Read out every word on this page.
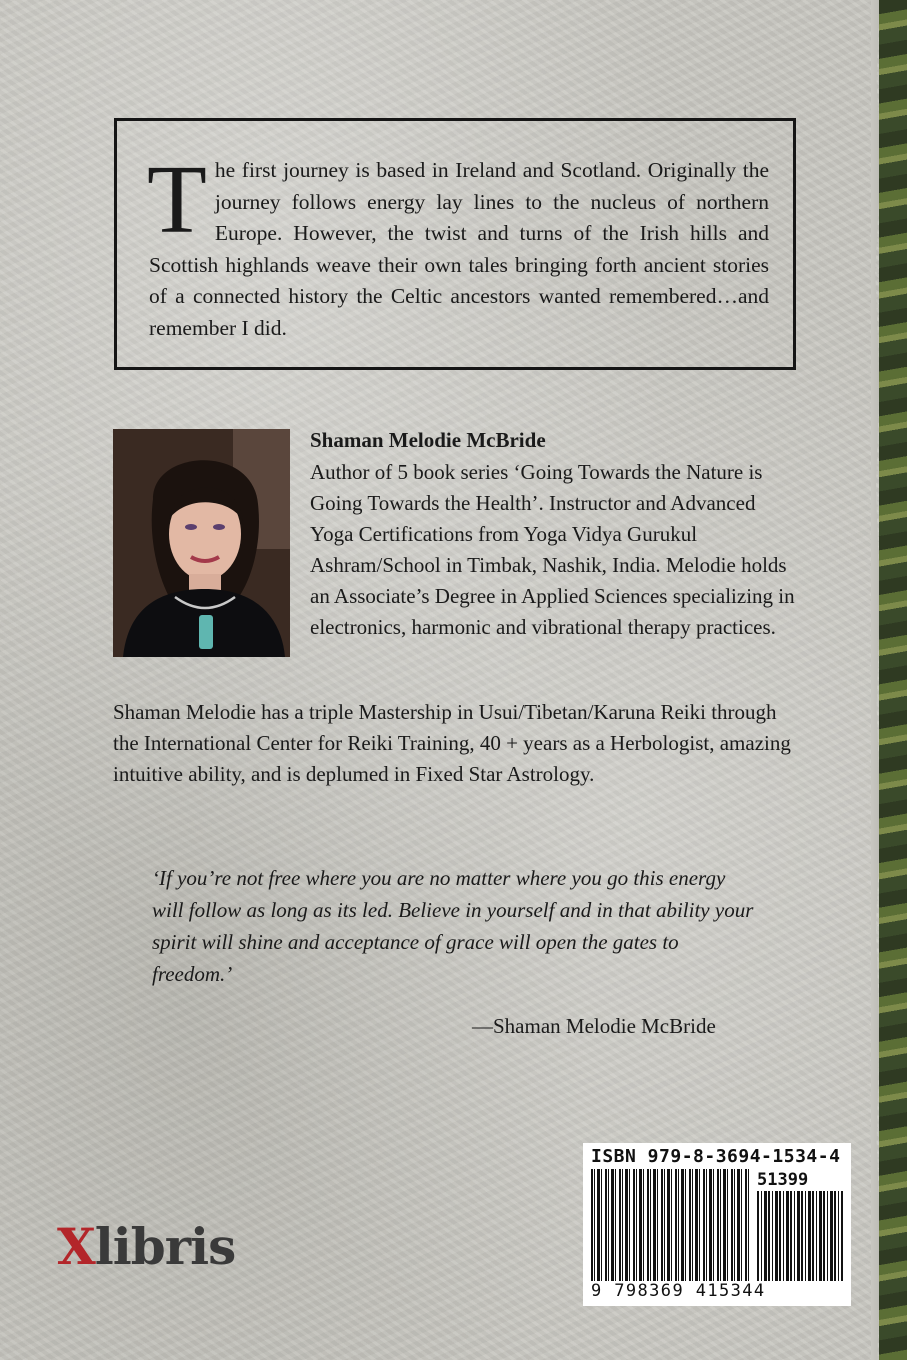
The first journey is based in Ireland and Scotland. Originally the journey follows energy lay lines to the nucleus of northern Europe. However, the twist and turns of the Irish hills and Scottish highlands weave their own tales bringing forth ancient stories of a connected history the Celtic ancestors wanted remembered…and remember I did.
Shaman Melodie McBride
Author of 5 book series ‘Going Towards the Nature is Going Towards the Health’. Instructor and Advanced Yoga Certifications from Yoga Vidya Gurukul Ashram/School in Timbak, Nashik, India. Melodie holds an Associate’s Degree in Applied Sciences specializing in electronics, harmonic and vibrational therapy practices.
Shaman Melodie has a triple Mastership in Usui/Tibetan/Karuna Reiki through the International Center for Reiki Training, 40 + years as a Herbologist, amazing intuitive ability, and is deplumed in Fixed Star Astrology.
‘If you’re not free where you are no matter where you go this energy will follow as long as its led. Believe in yourself and in that ability your spirit will shine and acceptance of grace will open the gates to freedom.’
—Shaman Melodie McBride
Xlibris
ISBN 979-8-3694-1534-4
51399
9 798369 415344
